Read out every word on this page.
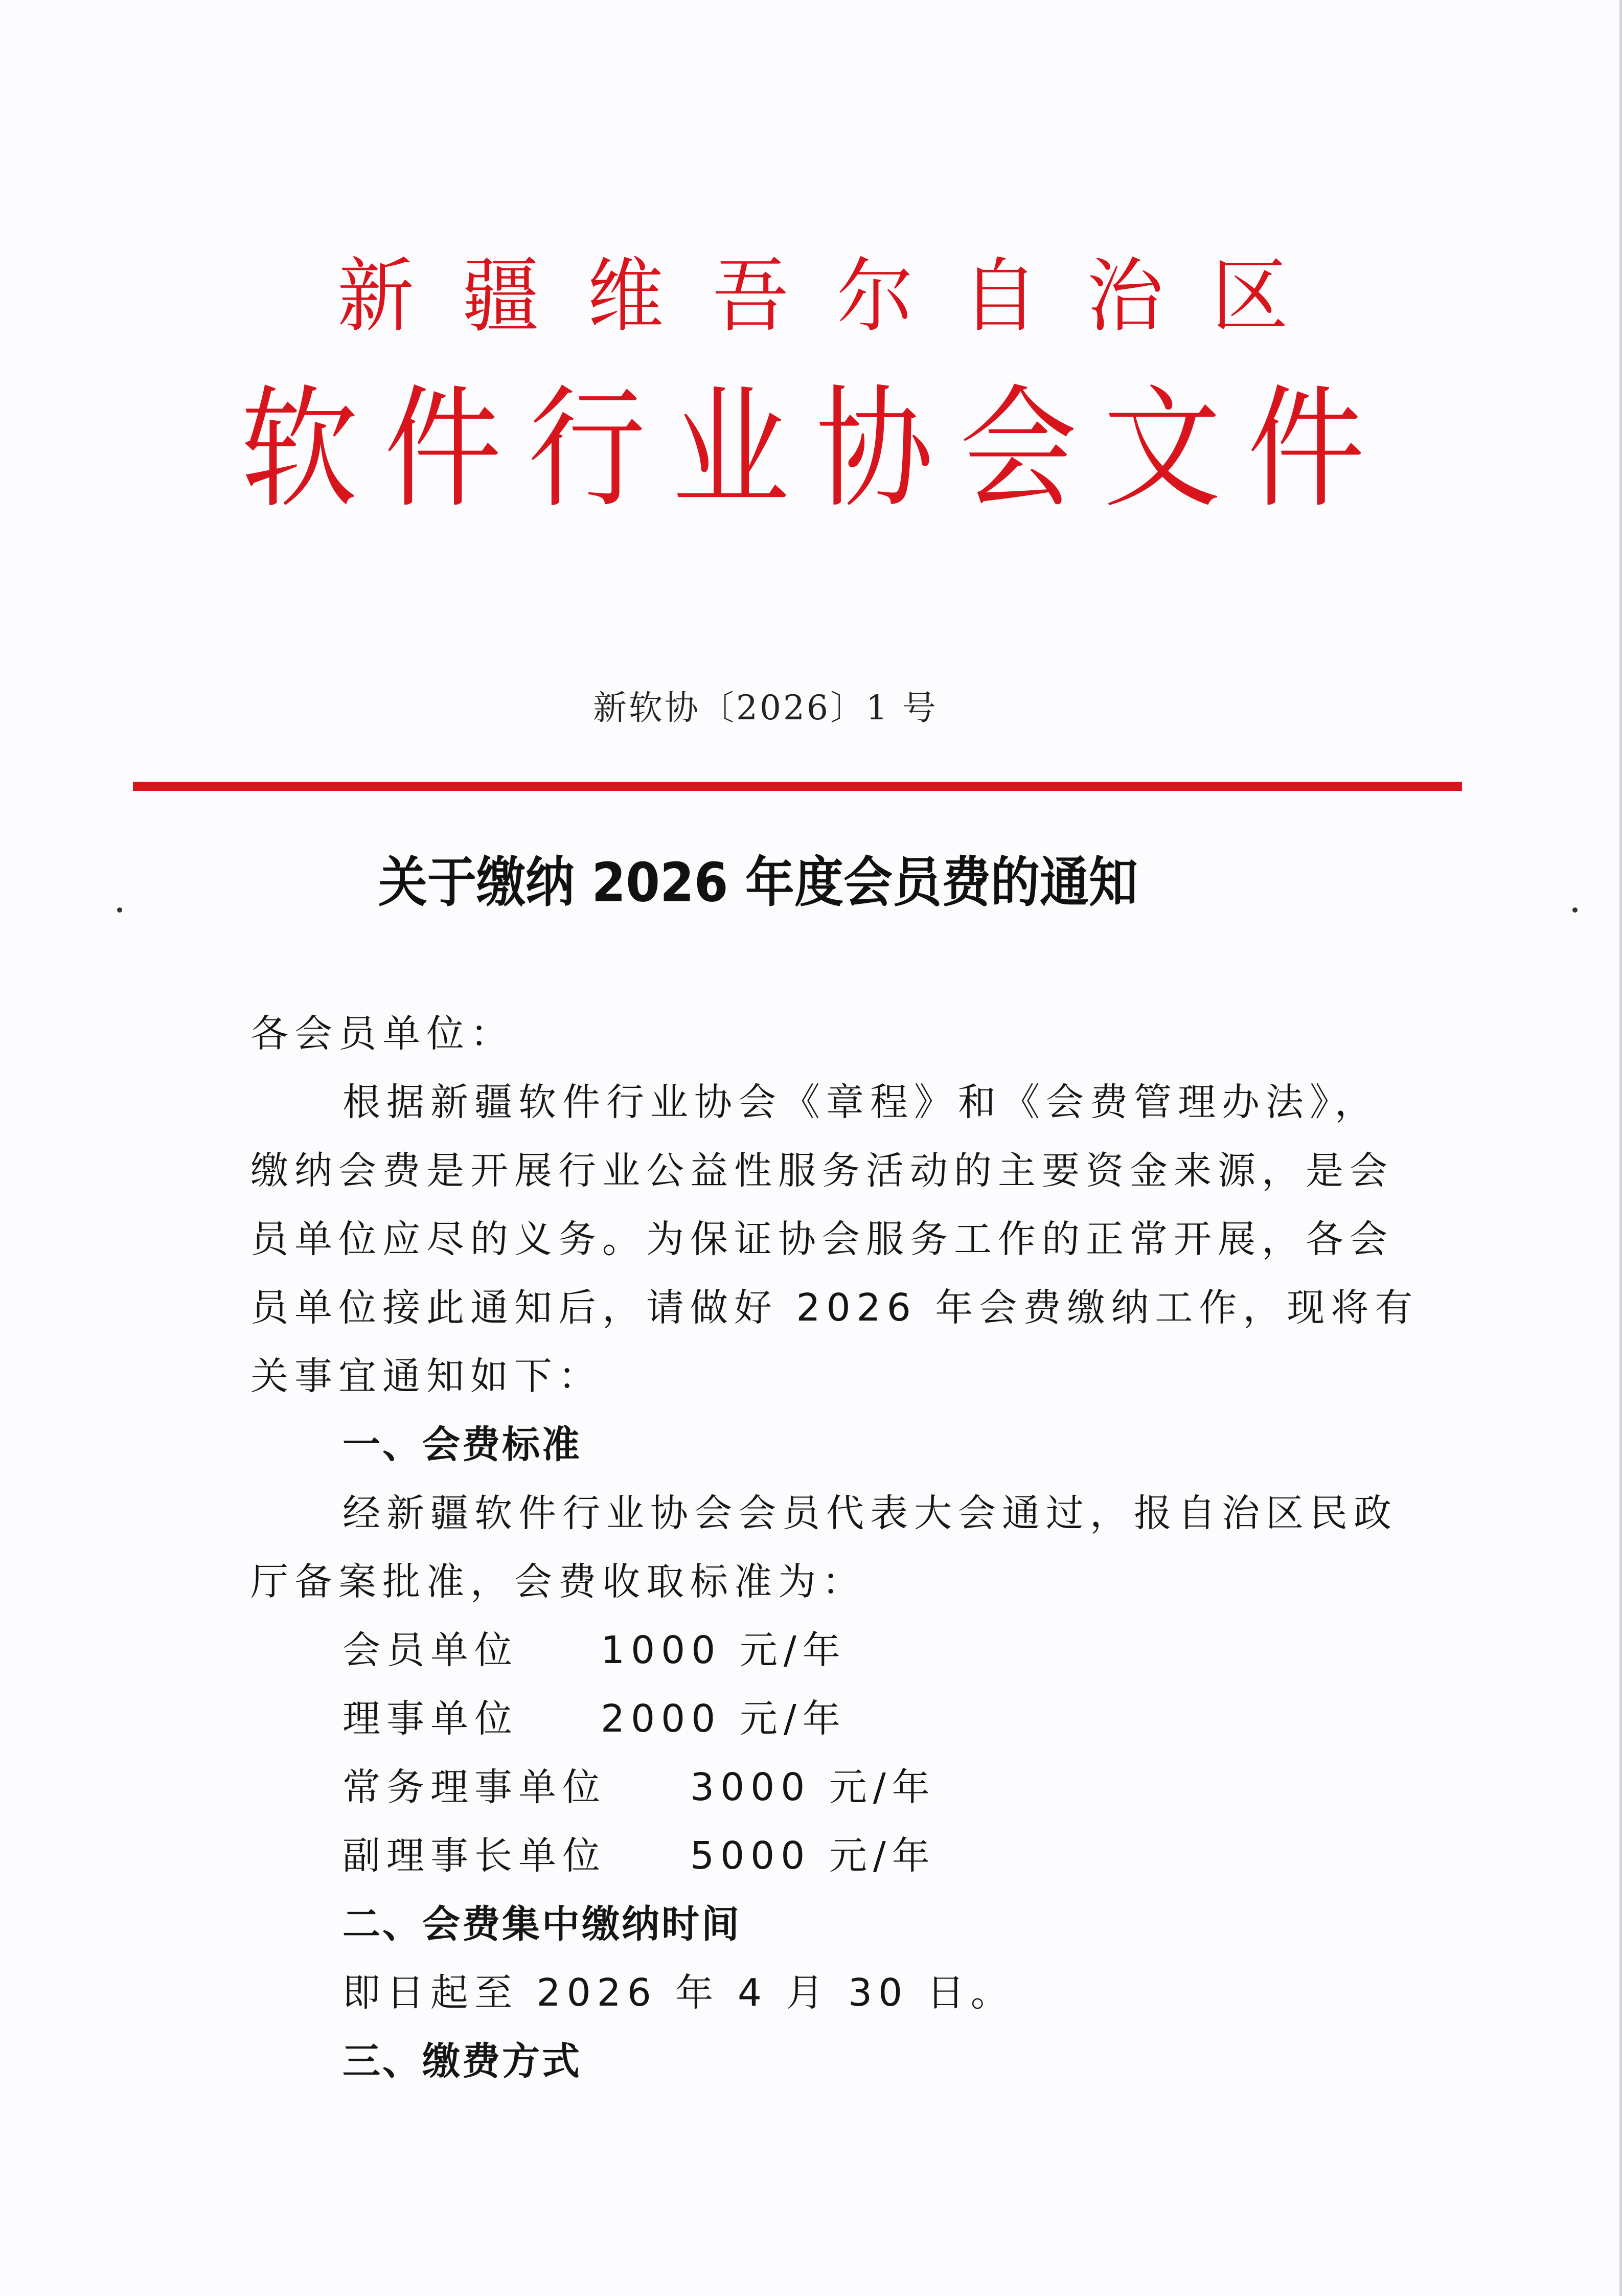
新 疆 维 吾 尔 自 治 区
软 件 行 业 协 会 文 件
新软协〔2026〕1 号
关于缴纳 2026 年度会员费的通知
各会员单位：
根据新疆软件行业协会《章程》和《会费管理办法》，
缴纳会费是开展行业公益性服务活动的主要资金来源，是会
员单位应尽的义务。为保证协会服务工作的正常开展，各会
员单位接此通知后，请做好 2026 年会费缴纳工作，现将有
关事宜通知如下：
一、会费标准
经新疆软件行业协会会员代表大会通过，报自治区民政
厅备案批准，会费收取标准为：
会员单位	1000 元/年
理事单位	2000 元/年
常务理事单位	3000 元/年
副理事长单位	5000 元/年
二、会费集中缴纳时间
即日起至 2026 年 4 月 30 日。
三、缴费方式
